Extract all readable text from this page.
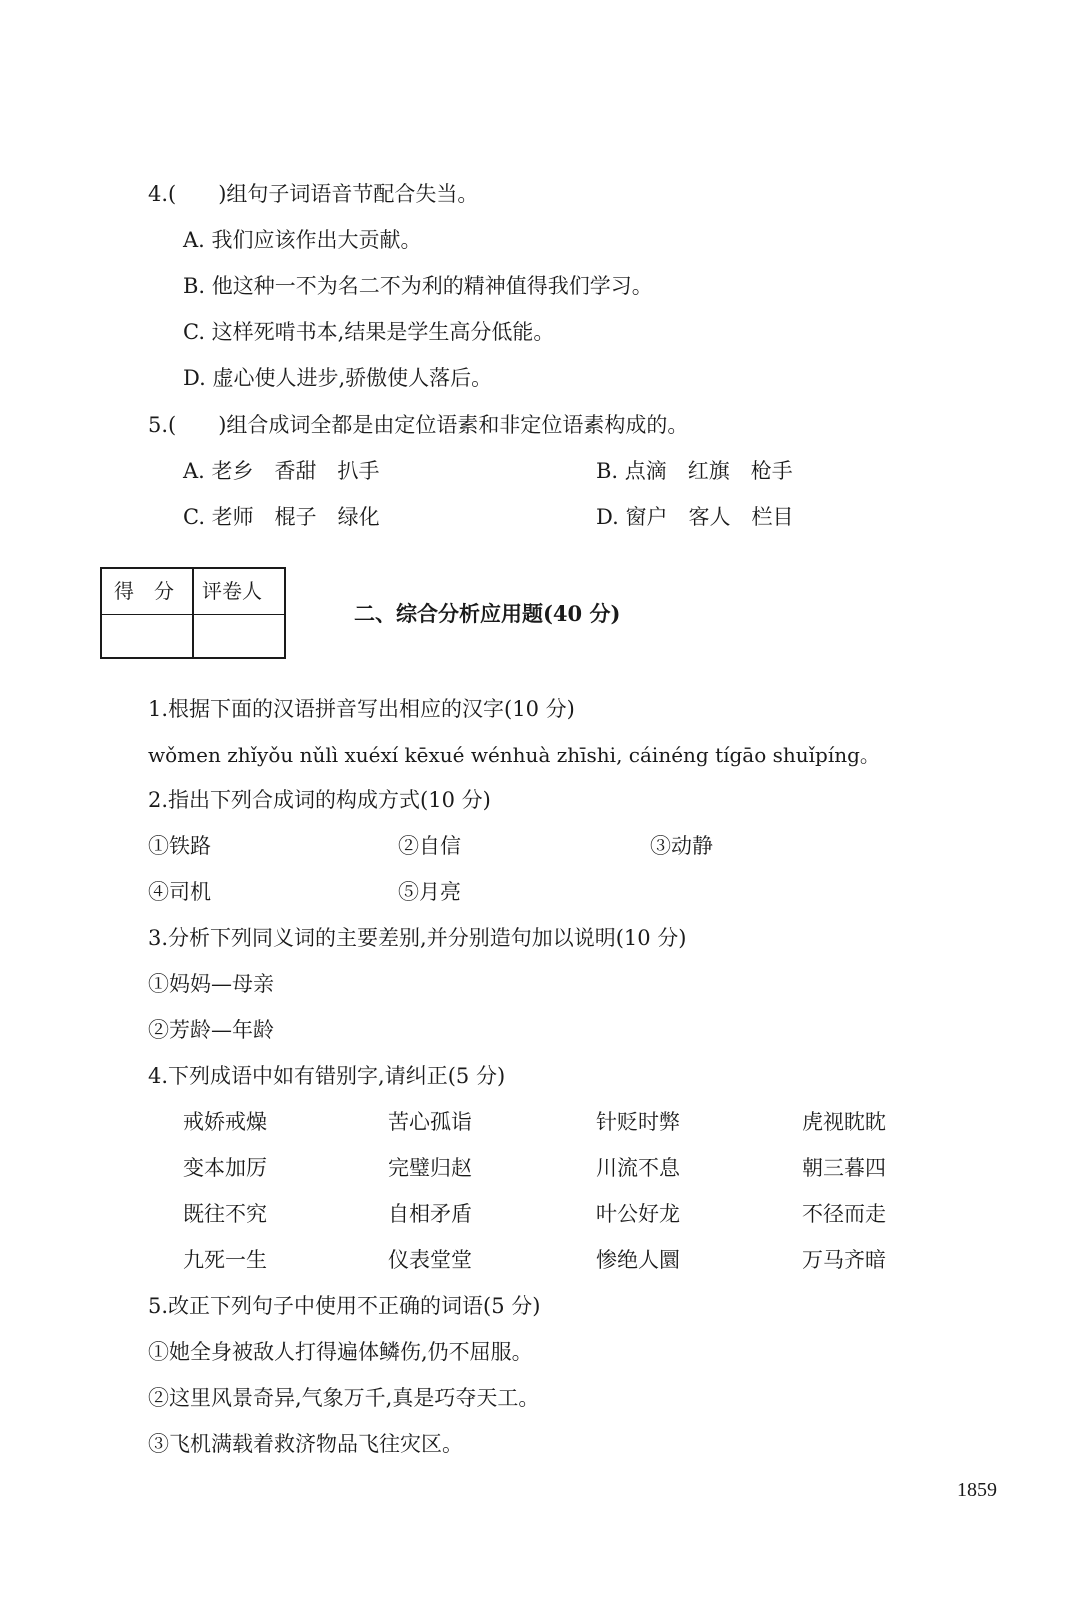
4.(　　)组句子词语音节配合失当。
A. 我们应该作出大贡献。
B. 他这种一不为名二不为利的精神值得我们学习。
C. 这样死啃书本,结果是学生高分低能。
D. 虚心使人进步,骄傲使人落后。
5.(　　)组合成词全都是由定位语素和非定位语素构成的。
A. 老乡　香甜　扒手	B. 点滴　红旗　枪手
C. 老师　棍子　绿化	D. 窗户　客人　栏目
得　分 评卷人
二、综合分析应用题(40 分)
1.根据下面的汉语拼音写出相应的汉字(10 分)
wǒmen zhǐyǒu nǔlì xuéxí kēxué wénhuà zhīshi, cáinéng tígāo shuǐpíng。
2.指出下列合成词的构成方式(10 分)
①铁路	②自信	③动静
④司机	⑤月亮
3.分析下列同义词的主要差别,并分别造句加以说明(10 分)
①妈妈—母亲
②芳龄—年龄
4.下列成语中如有错别字,请纠正(5 分)
戒娇戒燥	苦心孤诣	针贬时弊	虎视眈眈
变本加厉	完璧归赵	川流不息	朝三暮四
既往不究	自相矛盾	叶公好龙	不径而走
九死一生	仪表堂堂	惨绝人圜	万马齐暗
5.改正下列句子中使用不正确的词语(5 分)
①她全身被敌人打得遍体鳞伤,仍不屈服。
②这里风景奇异,气象万千,真是巧夺天工。
③飞机满载着救济物品飞往灾区。
1859
